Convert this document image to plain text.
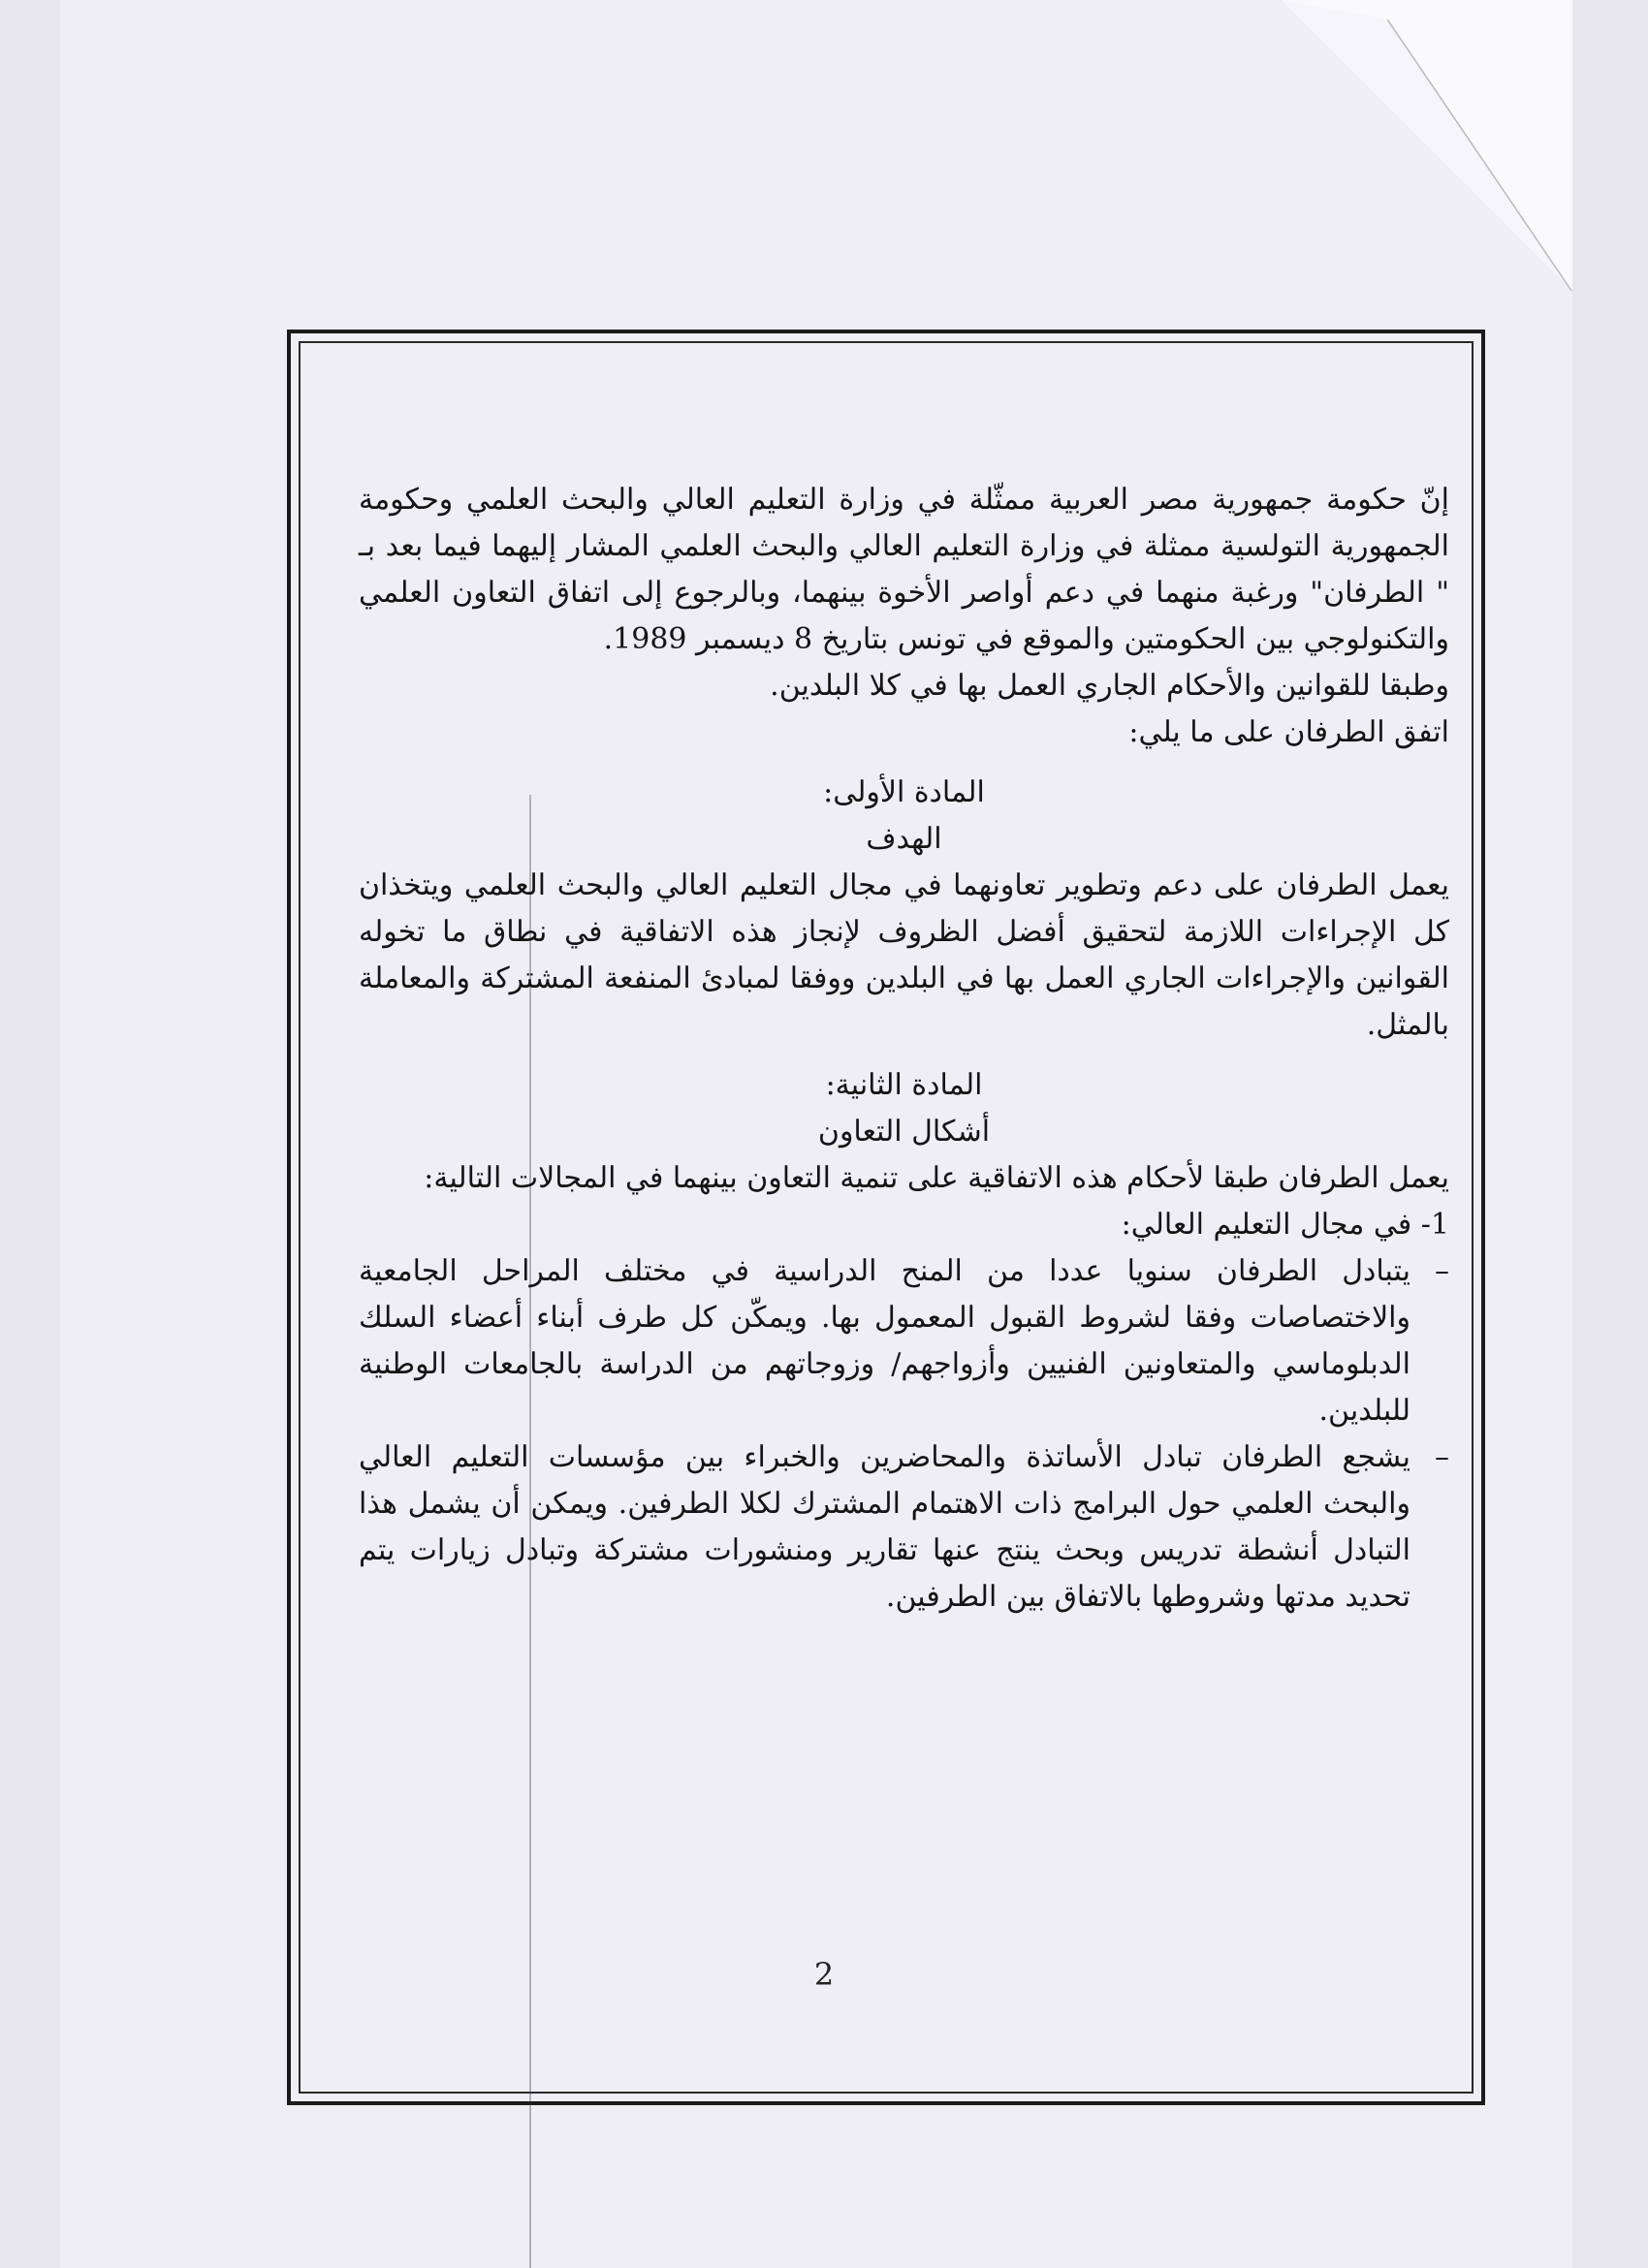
إنّ حكومة جمهورية مصر العربية ممثّلة في وزارة التعليم العالي والبحث العلمي وحكومة الجمهورية التولسية ممثلة في وزارة التعليم العالي والبحث العلمي المشار إليهما فيما بعد بـ " الطرفان" ورغبة منهما في دعم أواصر الأخوة بينهما، وبالرجوع إلى اتفاق التعاون العلمي والتكنولوجي بين الحكومتين والموقع في تونس بتاريخ 8 ديسمبر 1989.

وطبقا للقوانين والأحكام الجاري العمل بها في كلا البلدين.

اتفق الطرفان على ما يلي:

المادة الأولى:

الهدف

يعمل الطرفان على دعم وتطوير تعاونهما في مجال التعليم العالي والبحث العلمي ويتخذان كل الإجراءات اللازمة لتحقيق أفضل الظروف لإنجاز هذه الاتفاقية في نطاق ما تخوله القوانين والإجراءات الجاري العمل بها في البلدين ووفقا لمبادئ المنفعة المشتركة والمعاملة بالمثل.

المادة الثانية:

أشكال التعاون

يعمل الطرفان طبقا لأحكام هذه الاتفاقية على تنمية التعاون بينهما في المجالات التالية:

1- في مجال التعليم العالي:

–
يتبادل الطرفان سنويا عددا من المنح الدراسية في مختلف المراحل الجامعية والاختصاصات وفقا لشروط القبول المعمول بها. ويمكّن كل طرف أبناء أعضاء السلك الدبلوماسي والمتعاونين الفنيين وأزواجهم/ وزوجاتهم من الدراسة بالجامعات الوطنية للبلدين.

–
يشجع الطرفان تبادل الأساتذة والمحاضرين والخبراء بين مؤسسات التعليم العالي والبحث العلمي حول البرامج ذات الاهتمام المشترك لكلا الطرفين. ويمكن أن يشمل هذا التبادل أنشطة تدريس وبحث ينتج عنها تقارير ومنشورات مشتركة وتبادل زيارات يتم تحديد مدتها وشروطها بالاتفاق بين الطرفين.

2
